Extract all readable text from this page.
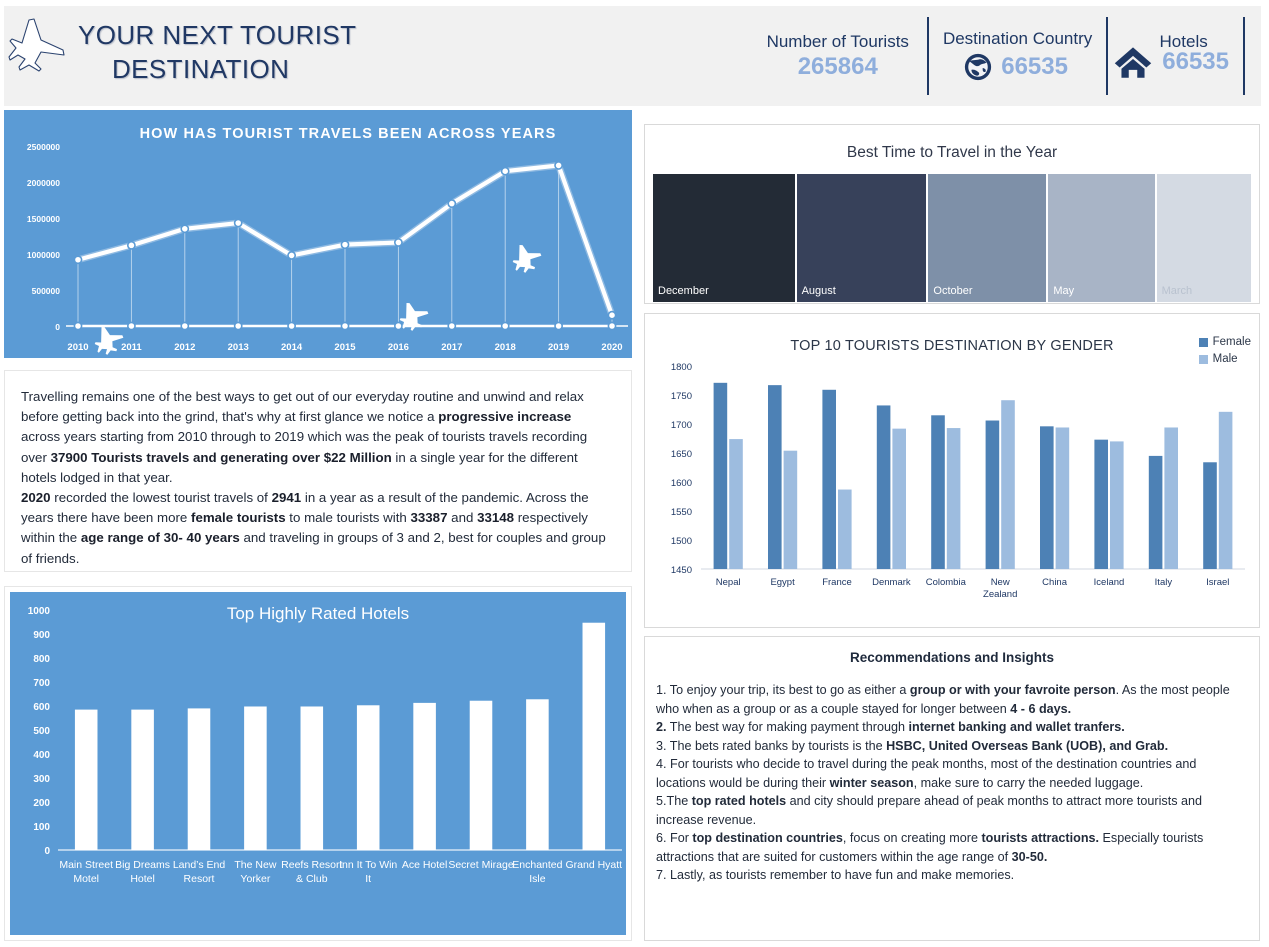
YOUR NEXT TOURIST
DESTINATION
Number of Tourists
265864
Destination Country
66535
Hotels
66535
HOW HAS TOURIST TRAVELS BEEN ACROSS YEARS
0
500000
1000000
1500000
2000000
2500000
2010	2011	2012	2013	2014	2015	2016	2017	2018	2019	2020
Travelling remains one of the best ways to get out of our everyday routine and unwind and relax before getting back into the grind, that's why at first glance we notice a progressive increase across years starting from 2010 through to 2019 which was the peak of tourists travels recording over 37900 Tourists travels and generating over $22 Million in a single year for the different hotels lodged in that year.
2020 recorded the lowest tourist travels of 2941 in a year as a result of the pandemic. Across the years there have been more female tourists to male tourists with 33387 and 33148 respectively within the age range of 30- 40 years and traveling in groups of 3 and 2, best for couples and group of friends.
Top Highly Rated Hotels
0
100
200
300
400
500
600
700
800
900
1000
Main Street
Motel
Big Dreams
Hotel
Land’s End
Resort
The New
Yorker
Reefs Resort
& Club
Inn It To Win
It
Ace Hotel Secret Mirage
Enchanted
Isle
Grand Hyatt
Best Time to Travel in the Year
December	August	October	May	March
TOP 10 TOURISTS DESTINATION BY GENDER	Female
Male
1450
1500
1550
1600
1650
1700
1750
1800
Nepal	Egypt	France Denmark Colombia	New
Zealand
China	Iceland	Italy	Israel
Recommendations and Insights

1. To enjoy your trip, its best to go as either a group or with your favroite person. As the most people who when as a group or as a couple stayed for longer between 4 - 6 days.

2. The best way for making payment through internet banking and wallet tranfers.

3. The bets rated banks by tourists is the HSBC, United Overseas Bank (UOB), and Grab.

4. For tourists who decide to travel during the peak months, most of the destination countries and locations would be during their winter season, make sure to carry the needed luggage.

5.The top rated hotels and city should prepare ahead of peak months to attract more tourists and increase revenue.

6. For top destination countries, focus on creating more tourists attractions. Especially tourists attractions that are suited for customers within the age range of 30-50.

7. Lastly, as tourists remember to have fun and make memories.
